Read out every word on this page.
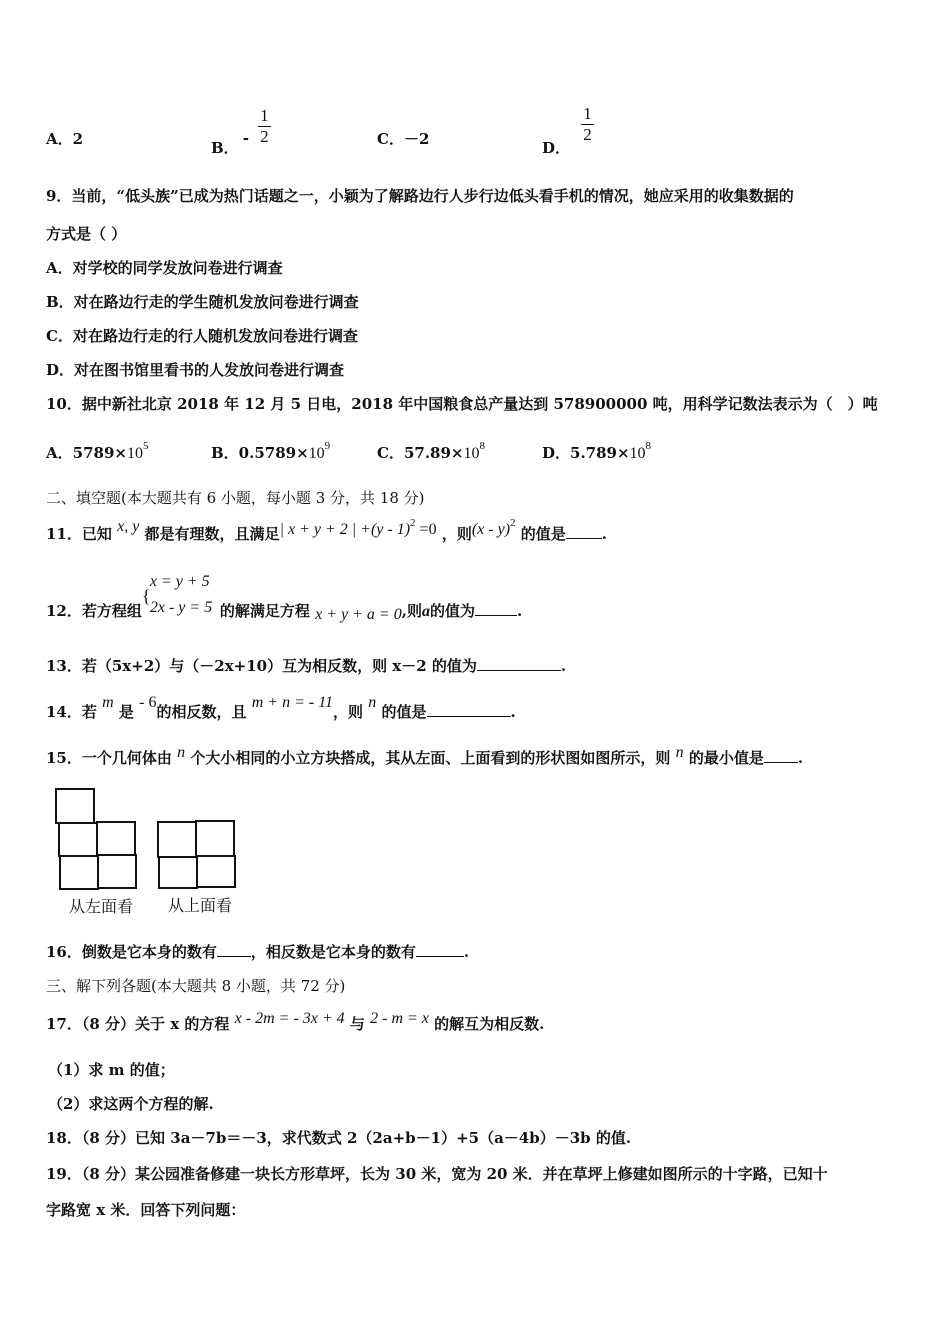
A．2	B．- $\frac{1}{2}$	C．－2	D．
$\frac{1}{2}$
9．当前，“低头族”已成为热门话题之一，小颖为了解路边行人步行边低头看手机的情况，她应采用的收集数据的
方式是（ ）
A．对学校的同学发放问卷进行调查
B．对在路边行走的学生随机发放问卷进行调查
C．对在路边行走的行人随机发放问卷进行调查
D．对在图书馆里看书的人发放问卷进行调查
10．据中新社北京 2018 年 12 月 5 日电，2018 年中国粮食总产量达到 578900000 吨，用科学记数法表示为（　）吨
A．$5789\times 10^5$	B．$0.5789\times 10^9$	C．$57.89\times 10^8$	D．$5.789\times 10^8$
二、填空题(本大题共有 6 小题，每小题 3 分，共 18 分)
11．已知 x, y 都是有理数，且满足| x + y + 2 | +(y - 1)$^2$ =0 ，则(x - y)$^2$ 的值是 .
12．若方程组
{
x = y + 5
2x - y = 5 的解满足方程 x + y + a = 0,则a的值为	.
13．若（5x+2）与（－2x+10）互为相反数，则 x－2 的值为	.
14．若 m 是 - 6的相反数，且 m + n = - 11，则 n 的值是	.
15．一个几何体由 n 个大小相同的小立方块搭成，其从左面、上面看到的形状图如图所示，则 n 的最小值是 .
从左面看 从上面看
16．倒数是它本身的数有 ，相反数是它本身的数有	.
三、解下列各题(本大题共 8 小题，共 72 分)
17．（8 分）关于 x 的方程 x - 2m = - 3x + 4 与 2 - m = x 的解互为相反数.
（1）求 m 的值；
（2）求这两个方程的解.
18．（8 分）已知 3a－7b＝－3，求代数式 2（2a+b－1）+5（a－4b）－3b 的值.
19．（8 分）某公园准备修建一块长方形草坪，长为 30 米，宽为 20 米．并在草坪上修建如图所示的十字路，已知十
字路宽 x 米．回答下列问题：
